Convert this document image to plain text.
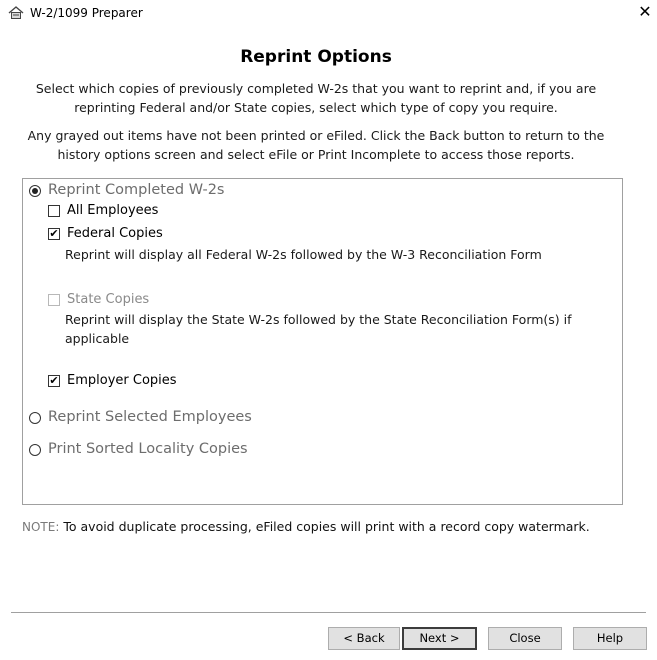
W-2/1099 Preparer	✕
Reprint Options
Select which copies of previously completed W-2s that you want to reprint and, if you are reprinting Federal and/or State copies, select which type of copy you require.
Any grayed out items have not been printed or eFiled. Click the Back button to return to the history options screen and select eFile or Print Incomplete to access those reports.
Reprint Completed W-2s
All Employees
✔ Federal Copies
Reprint will display all Federal W-2s followed by the W-3 Reconciliation Form
State Copies
Reprint will display the State W-2s followed by the State Reconciliation Form(s) if applicable
✔ Employer Copies
Reprint Selected Employees
Print Sorted Locality Copies
NOTE: To avoid duplicate processing, eFiled copies will print with a record copy watermark.
< Back	Next >	Close	Help
